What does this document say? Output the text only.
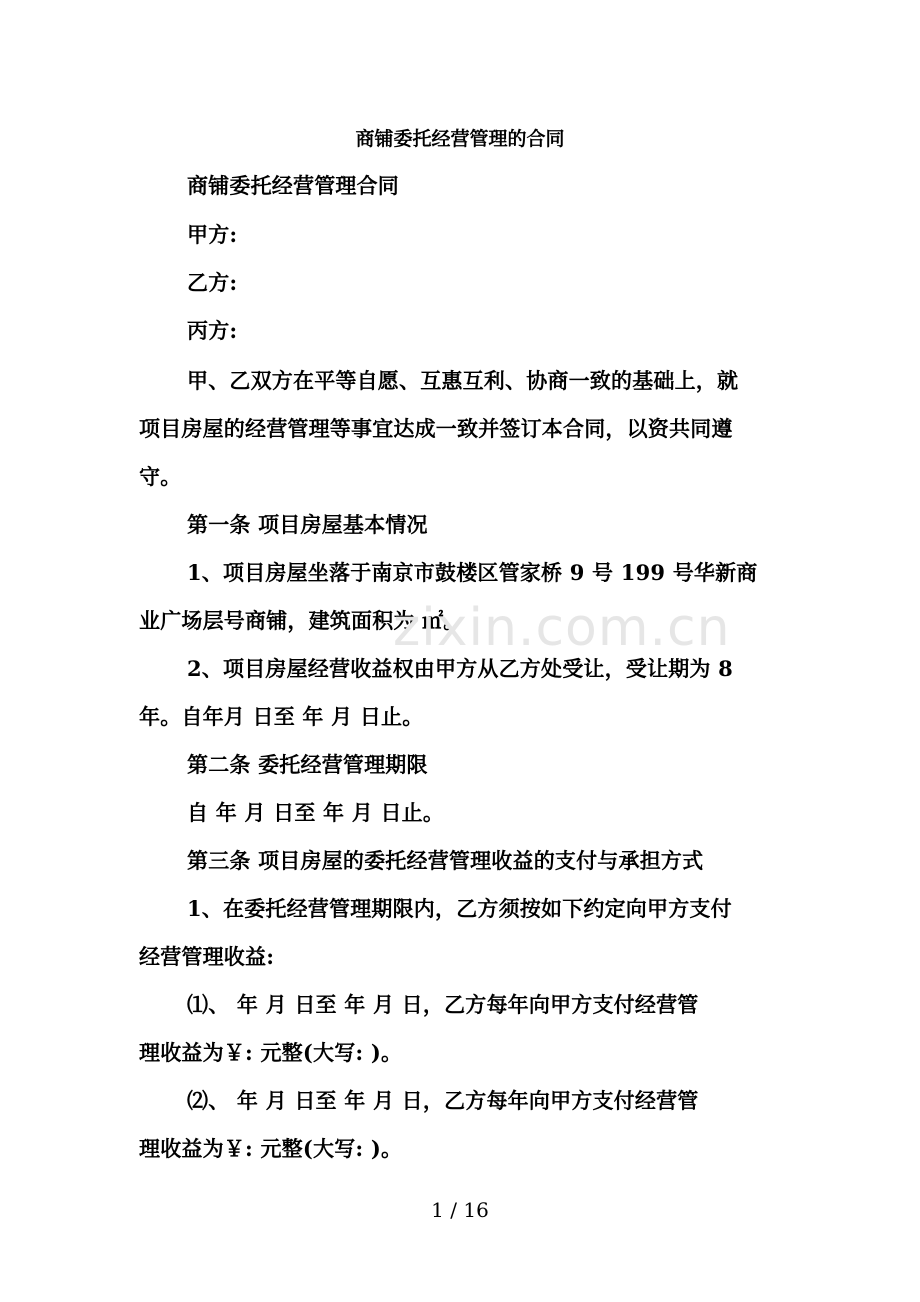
商铺委托经营管理的合同
商铺委托经营管理合同
甲方:
乙方:
丙方:
甲、乙双方在平等自愿、互惠互利、协商一致的基础上，就
项目房屋的经营管理等事宜达成一致并签订本合同，以资共同遵
守。
第一条 项目房屋基本情况
1、项目房屋坐落于南京市鼓楼区管家桥 9 号 199 号华新商
业广场层号商铺，建筑面积为 ㎡。
2、项目房屋经营收益权由甲方从乙方处受让，受让期为 8
年。自年月 日至 年 月 日止。
第二条 委托经营管理期限
自 年 月 日至 年 月 日止。
第三条 项目房屋的委托经营管理收益的支付与承担方式
1、在委托经营管理期限内，乙方须按如下约定向甲方支付
经营管理收益:
⑴、 年 月 日至 年 月 日，乙方每年向甲方支付经营管
理收益为￥: 元整(大写: )。
⑵、 年 月 日至 年 月 日，乙方每年向甲方支付经营管
理收益为￥: 元整(大写: )。
zixin.com.cn
1 / 16
